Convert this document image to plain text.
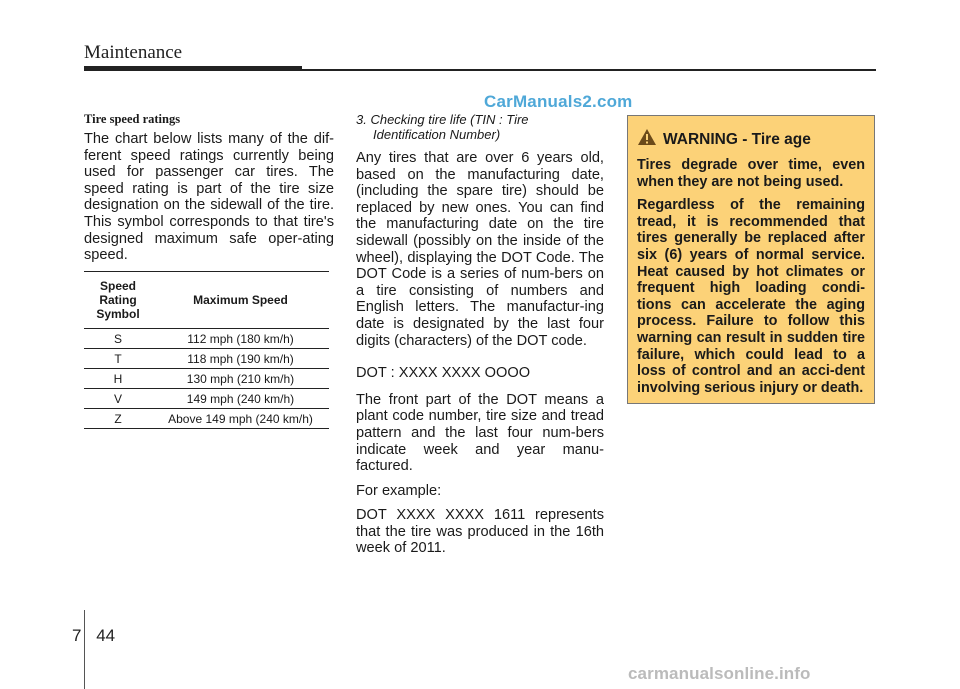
Maintenance
CarManuals2.com

Tire speed ratings

The chart below lists many of the dif-ferent speed ratings currently being used for passenger car tires. The speed rating is part of the tire size designation on the sidewall of the tire. This symbol corresponds to that tire's designed maximum safe oper-ating speed.

Speed
Rating
Symbol	Maximum Speed
S	112 mph (180 km/h)
T	118 mph (190 km/h)
H	130 mph (210 km/h)
V	149 mph (240 km/h)
Z	Above 149 mph (240 km/h)
3. Checking tire life (TIN : Tire
Identification Number)

Any tires that are over 6 years old, based on the manufacturing date, (including the spare tire) should be replaced by new ones. You can find the manufacturing date on the tire sidewall (possibly on the inside of the wheel), displaying the DOT Code. The DOT Code is a series of num-bers on a tire consisting of numbers and English letters. The manufactur-ing date is designated by the last four digits (characters) of the DOT code.

DOT : XXXX XXXX OOOO

The front part of the DOT means a plant code number, tire size and tread pattern and the last four num-bers indicate week and year manu-factured.

For example:

DOT XXXX XXXX 1611 represents that the tire was produced in the 16th week of 2011.

WARNING - Tire age

Tires degrade over time, even when they are not being used.

Regardless of the remaining tread, it is recommended that tires generally be replaced after six (6) years of normal service. Heat caused by hot climates or frequent high loading condi-tions can accelerate the aging process. Failure to follow this warning can result in sudden tire failure, which could lead to a loss of control and an acci-dent involving serious injury or death.

7 44
carmanualsonline.info
